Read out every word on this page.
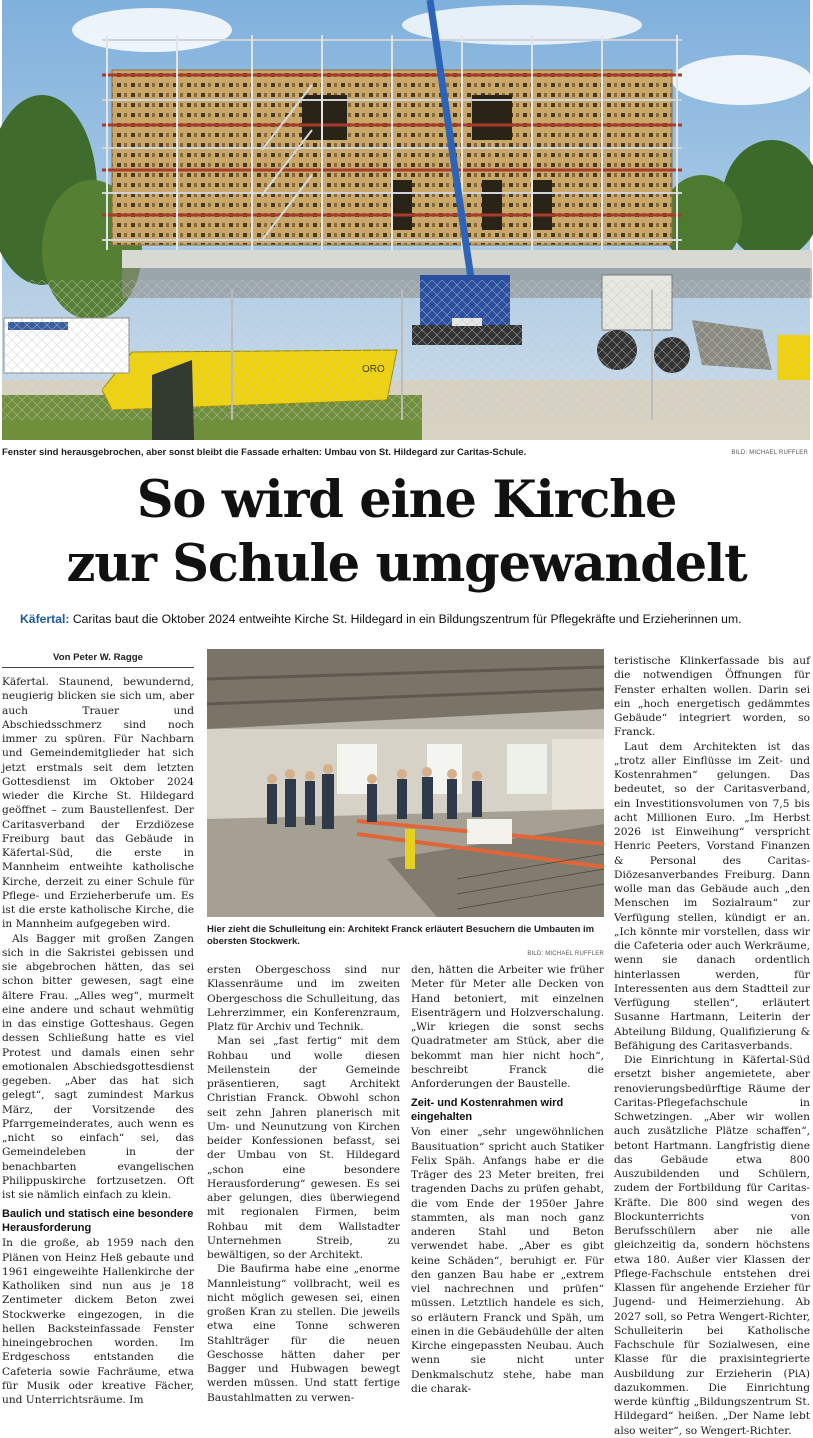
Fenster sind herausgebrochen, aber sonst bleibt die Fassade erhalten: Umbau von St. Hildegard zur Caritas-Schule.	BILD: MICHAEL RUFFLER
So wird eine Kirche
zur Schule umgewandelt
Käfertal: Caritas baut die Oktober 2024 entweihte Kirche St. Hildegard in ein Bildungszentrum für Pflegekräfte und Erzieherinnen um.
Von Peter W. Ragge

Käfertal. Staunend, bewundernd, neugierig blicken sie sich um, aber auch Trauer und Abschiedsschmerz sind noch immer zu spüren. Für Nachbarn und Gemeindemitglieder hat sich jetzt erstmals seit dem letzten Gottesdienst im Oktober 2024 wieder die Kirche St. Hildegard geöffnet – zum Baustellenfest. Der Caritasverband der Erzdiözese Freiburg baut das Gebäude in Käfertal-Süd, die erste in Mannheim entweihte katholische Kirche, derzeit zu einer Schule für Pflege- und Erzieherberufe um. Es ist die erste katholische Kirche, die in Mannheim aufgegeben wird.

Als Bagger mit großen Zangen sich in die Sakristei gebissen und sie abgebrochen hätten, das sei schon bitter gewesen, sagt eine ältere Frau. „Alles weg“, murmelt eine andere und schaut wehmütig in das einstige Gotteshaus. Gegen dessen Schließung hatte es viel Protest und damals einen sehr emotionalen Abschiedsgottesdienst gegeben. „Aber das hat sich gelegt“, sagt zumindest Markus März, der Vorsitzende des Pfarrgemeinderates, auch wenn es „nicht so einfach“ sei, das Gemeindeleben in der benachbarten evangelischen Philippuskirche fortzusetzen. Oft ist sie nämlich einfach zu klein.

Baulich und statisch eine besondere Herausforderung

In die große, ab 1959 nach den Plänen von Heinz Heß gebaute und 1961 eingeweihte Hallenkirche der Katholiken sind nun aus je 18 Zentimeter dickem Beton zwei Stockwerke eingezogen, in die hellen Backsteinfassade Fenster hineingebrochen worden. Im Erdgeschoss entstanden die Cafeteria sowie Fachräume, etwa für Musik oder kreative Fächer, und Unterrichtsräume. Im

Hier zieht die Schulleitung ein: Architekt Franck erläutert Besuchern die Umbauten im obersten Stockwerk.
BILD: MICHAEL RUFFLER

ersten Obergeschoss sind nur Klassenräume und im zweiten Obergeschoss die Schulleitung, das Lehrerzimmer, ein Konferenzraum, Platz für Archiv und Technik.

Man sei „fast fertig“ mit dem Rohbau und wolle diesen Meilenstein der Gemeinde präsentieren, sagt Architekt Christian Franck. Obwohl schon seit zehn Jahren planerisch mit Um- und Neunutzung von Kirchen beider Konfessionen befasst, sei der Umbau von St. Hildegard „schon eine besondere Herausforderung“ gewesen. Es sei aber gelungen, dies überwiegend mit regionalen Firmen, beim Rohbau mit dem Wallstadter Unternehmen Streib, zu bewältigen, so der Architekt.

Die Baufirma habe eine „enorme Mannleistung“ vollbracht, weil es nicht möglich gewesen sei, einen großen Kran zu stellen. Die jeweils etwa eine Tonne schweren Stahlträger für die neuen Geschosse hätten daher per Bagger und Hubwagen bewegt werden müssen. Und statt fertige Baustahlmatten zu verwen-

den, hätten die Arbeiter wie früher Meter für Meter alle Decken von Hand betoniert, mit einzelnen Eisenträgern und Holzverschalung. „Wir kriegen die sonst sechs Quadratmeter am Stück, aber die bekommt man hier nicht hoch“, beschreibt Franck die Anforderungen der Baustelle.

Zeit- und Kostenrahmen wird eingehalten

Von einer „sehr ungewöhnlichen Bausituation“ spricht auch Statiker Felix Späh. Anfangs habe er die Träger des 23 Meter breiten, frei tragenden Dachs zu prüfen gehabt, die vom Ende der 1950er Jahre stammten, als man noch ganz anderen Stahl und Beton verwendet habe. „Aber es gibt keine Schäden“, beruhigt er. Für den ganzen Bau habe er „extrem viel nachrechnen und prüfen“ müssen. Letztlich handele es sich, so erläutern Franck und Späh, um einen in die Gebäudehülle der alten Kirche eingepassten Neubau. Auch wenn sie nicht unter Denkmalschutz stehe, habe man die charak-

teristische Klinkerfassade bis auf die notwendigen Öffnungen für Fenster erhalten wollen. Darin sei ein „hoch energetisch gedämmtes Gebäude“ integriert worden, so Franck.

Laut dem Architekten ist das „trotz aller Einflüsse im Zeit- und Kostenrahmen“ gelungen. Das bedeutet, so der Caritasverband, ein Investitionsvolumen von 7,5 bis acht Millionen Euro. „Im Herbst 2026 ist Einweihung“ verspricht Henric Peeters, Vorstand Finanzen & Personal des Caritas-Diözesanverbandes Freiburg. Dann wolle man das Gebäude auch „den Menschen im Sozialraum“ zur Verfügung stellen, kündigt er an. „Ich könnte mir vorstellen, dass wir die Cafeteria oder auch Werkräume, wenn sie danach ordentlich hinterlassen werden, für Interessenten aus dem Stadtteil zur Verfügung stellen“, erläutert Susanne Hartmann, Leiterin der Abteilung Bildung, Qualifizierung & Befähigung des Caritasverbands.

Die Einrichtung in Käfertal-Süd ersetzt bisher angemietete, aber renovierungsbedürftige Räume der Caritas-Pflegefachschule in Schwetzingen. „Aber wir wollen auch zusätzliche Plätze schaffen“, betont Hartmann. Langfristig diene das Gebäude etwa 800 Auszubildenden und Schülern, zudem der Fortbildung für Caritas-Kräfte. Die 800 sind wegen des Blockunterrichts von Berufsschülern aber nie alle gleichzeitig da, sondern höchstens etwa 180. Außer vier Klassen der Pflege-Fachschule entstehen drei Klassen für angehende Erzieher für Jugend- und Heimerziehung. Ab 2027 soll, so Petra Wengert-Richter, Schulleiterin bei Katholische Fachschule für Sozialwesen, eine Klasse für die praxisintegrierte Ausbildung zur Erzieherin (PiA) dazukommen. Die Einrichtung werde künftig „Bildungszentrum St. Hildegard“ heißen. „Der Name lebt also weiter“, so Wengert-Richter.
